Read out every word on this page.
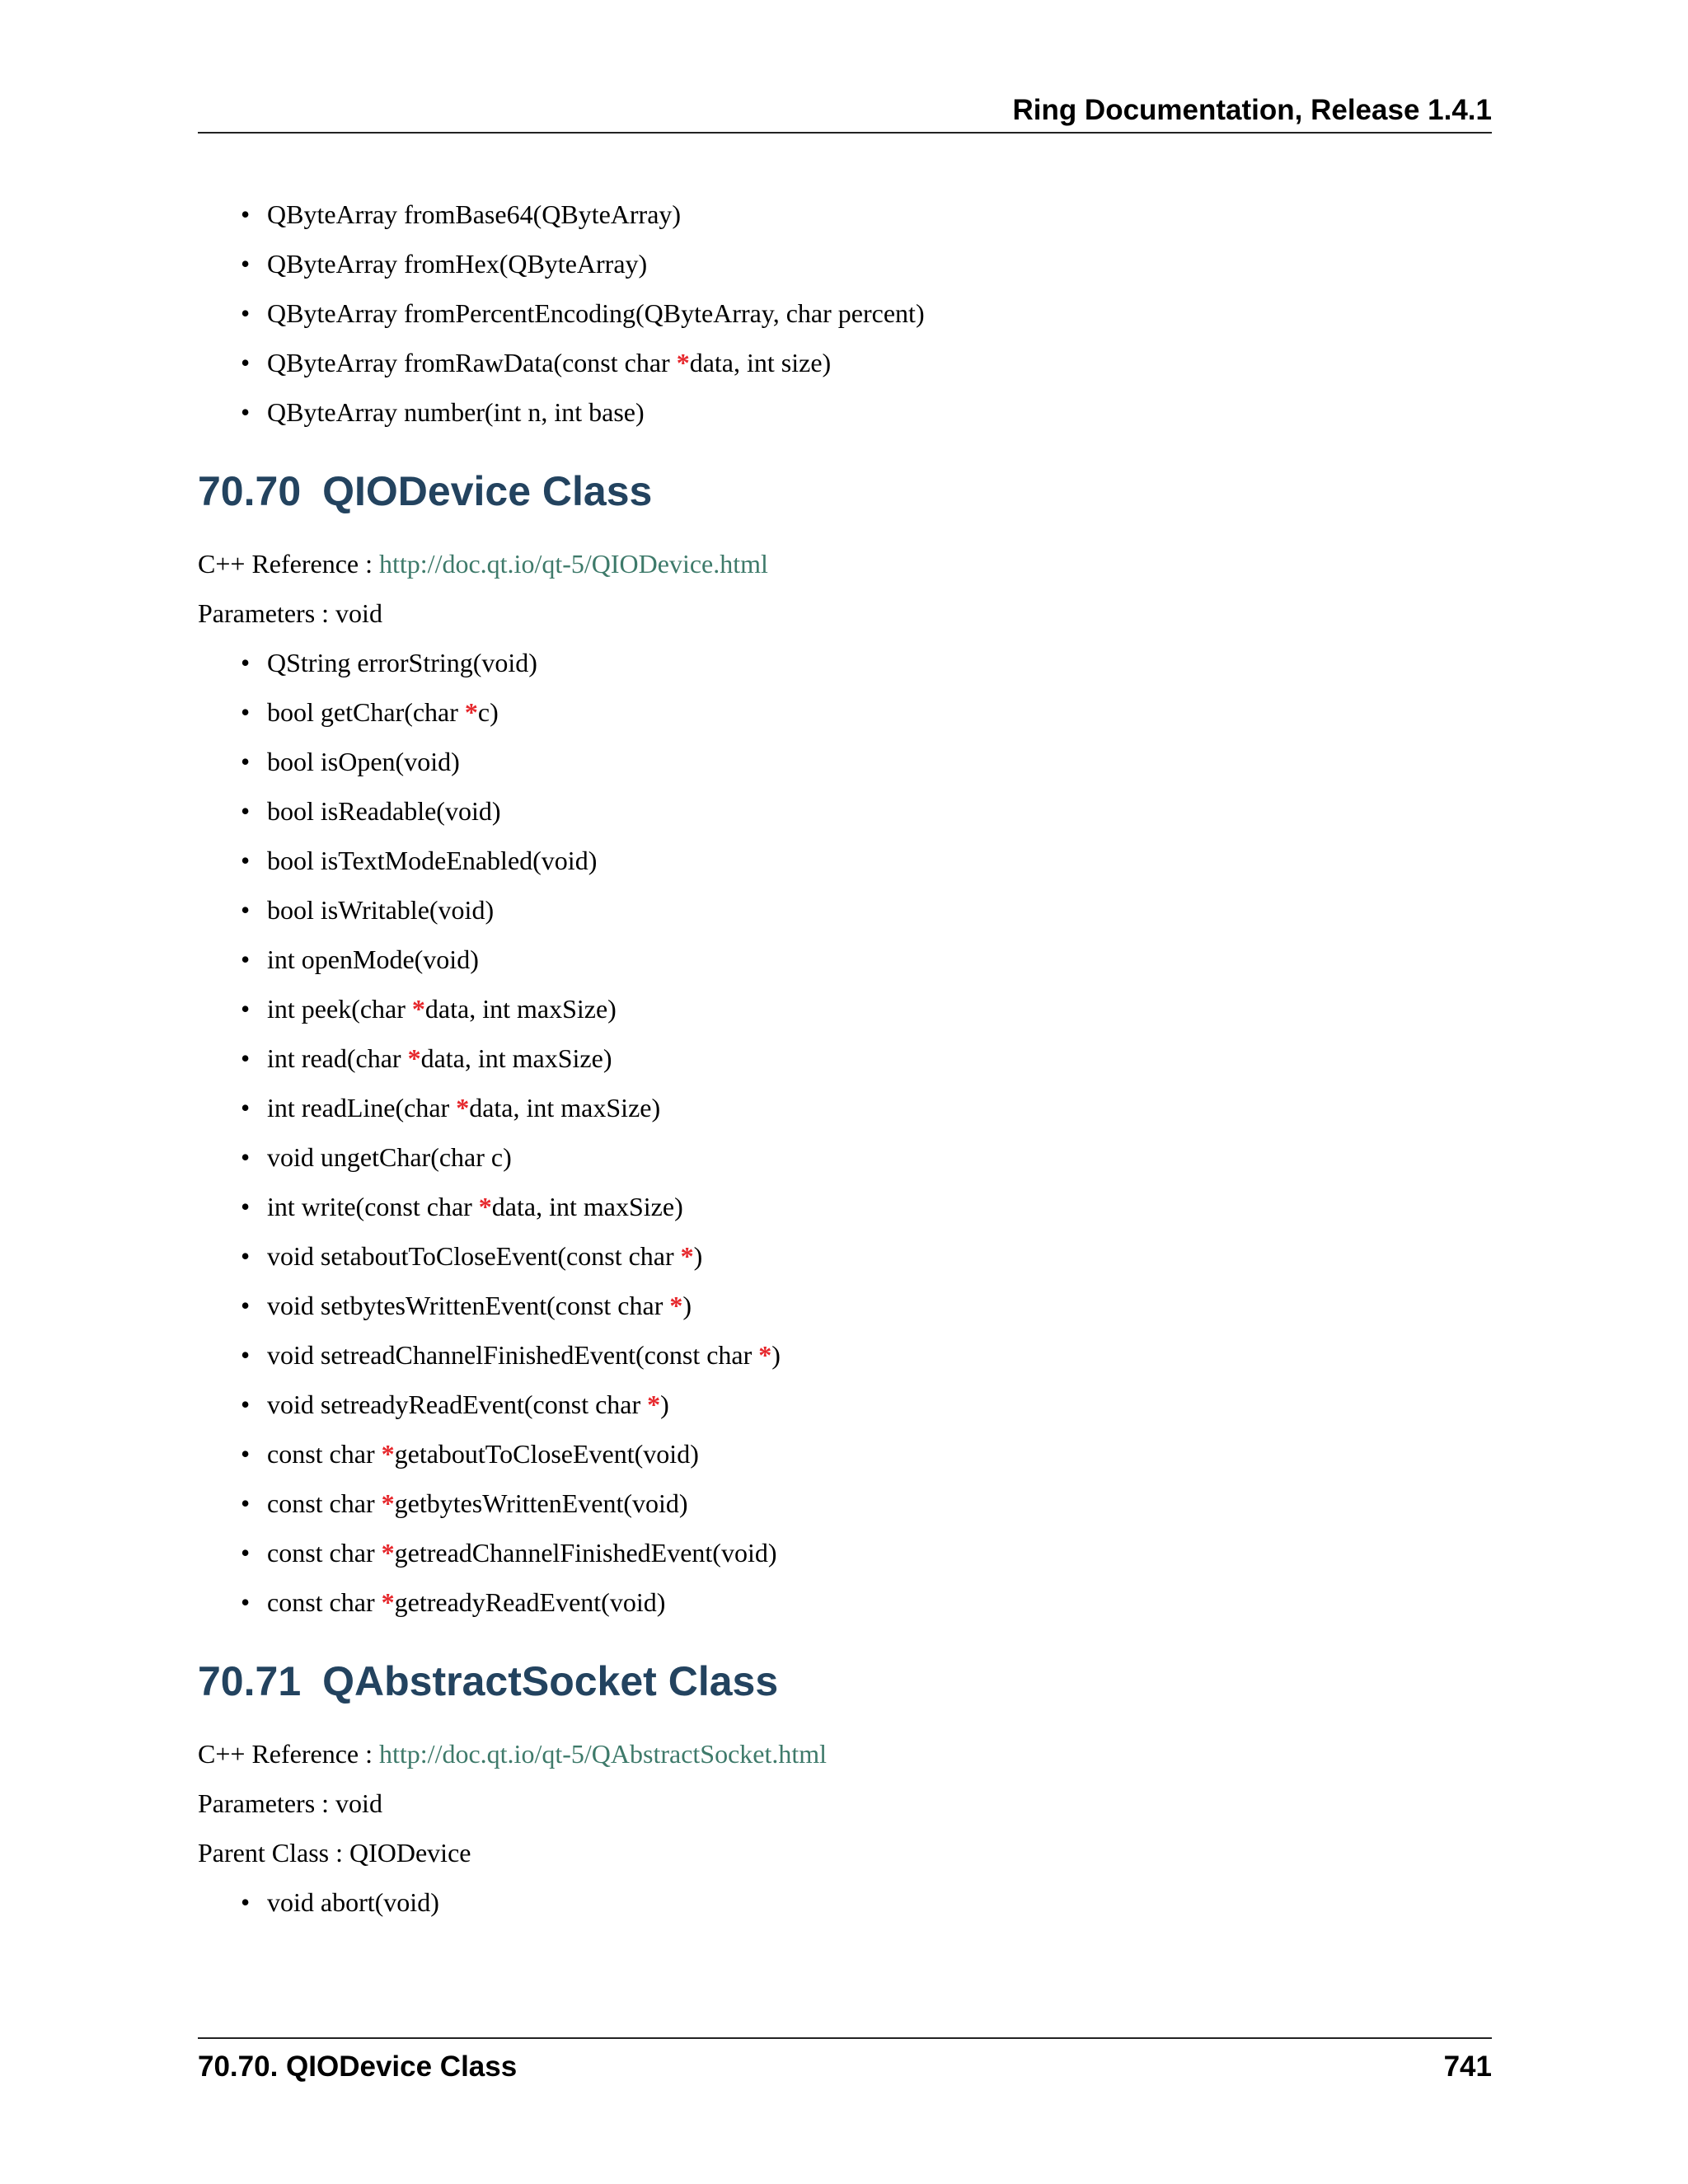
Ring Documentation, Release 1.4.1
• QByteArray fromBase64(QByteArray)
• QByteArray fromHex(QByteArray)
• QByteArray fromPercentEncoding(QByteArray, char percent)
• QByteArray fromRawData(const char *data, int size)
• QByteArray number(int n, int base)
70.70 QIODevice Class

C++ Reference : http://doc.qt.io/qt-5/QIODevice.html

Parameters : void

• QString errorString(void)
• bool getChar(char *c)
• bool isOpen(void)
• bool isReadable(void)
• bool isTextModeEnabled(void)
• bool isWritable(void)
• int openMode(void)
• int peek(char *data, int maxSize)
• int read(char *data, int maxSize)
• int readLine(char *data, int maxSize)
• void ungetChar(char c)
• int write(const char *data, int maxSize)
• void setaboutToCloseEvent(const char *)
• void setbytesWrittenEvent(const char *)
• void setreadChannelFinishedEvent(const char *)
• void setreadyReadEvent(const char *)
• const char *getaboutToCloseEvent(void)
• const char *getbytesWrittenEvent(void)
• const char *getreadChannelFinishedEvent(void)
• const char *getreadyReadEvent(void)
70.71 QAbstractSocket Class

C++ Reference : http://doc.qt.io/qt-5/QAbstractSocket.html

Parameters : void

Parent Class : QIODevice

• void abort(void)
70.70. QIODevice Class	741
